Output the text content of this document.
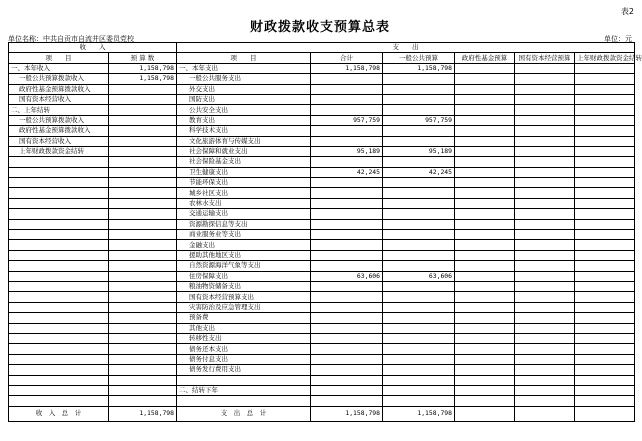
表2
财政拨款收支预算总表
单位名称：中共自贡市自流井区委员党校	单位：元
收　　入		支　　出					
项　　目	预 算 数	项　　目	合计	一般公共预算	政府性基金预算	国有资本经营预算	上年财政拨款资金结转
一、本年收入	1,158,798	一、本年支出	1,158,798	1,158,798			
一般公共预算拨款收入	1,158,798	一般公共服务支出					
政府性基金预算拨款收入		外交支出					
国有资本经营收入		国防支出					
二、上年结转		公共安全支出					
一般公共预算拨款收入		教育支出	957,759	957,759			
政府性基金预算拨款收入		科学技术支出					
国有资本经营收入		文化旅游体育与传媒支出					
上年财政拨款资金结转		社会保障和就业支出	95,189	95,189			
		社会保险基金支出					
		卫生健康支出	42,245	42,245			
		节能环保支出					
		城乡社区支出					
		农林水支出					
		交通运输支出					
		资源勘探信息等支出					
		商业服务业等支出					
		金融支出					
		援助其他地区支出					
		自然资源海洋气象等支出					
		住房保障支出	63,606	63,606			
		粮油物资储备支出					
		国有资本经营预算支出					
		灾害防治及应急管理支出					
		预备费					
		其他支出					
		转移性支出					
		债务还本支出					
		债务付息支出					
		债务发行费用支出					

		二、结转下年					

收　入　总　计	1,158,798	支　出　总　计	1,158,798	1,158,798			
